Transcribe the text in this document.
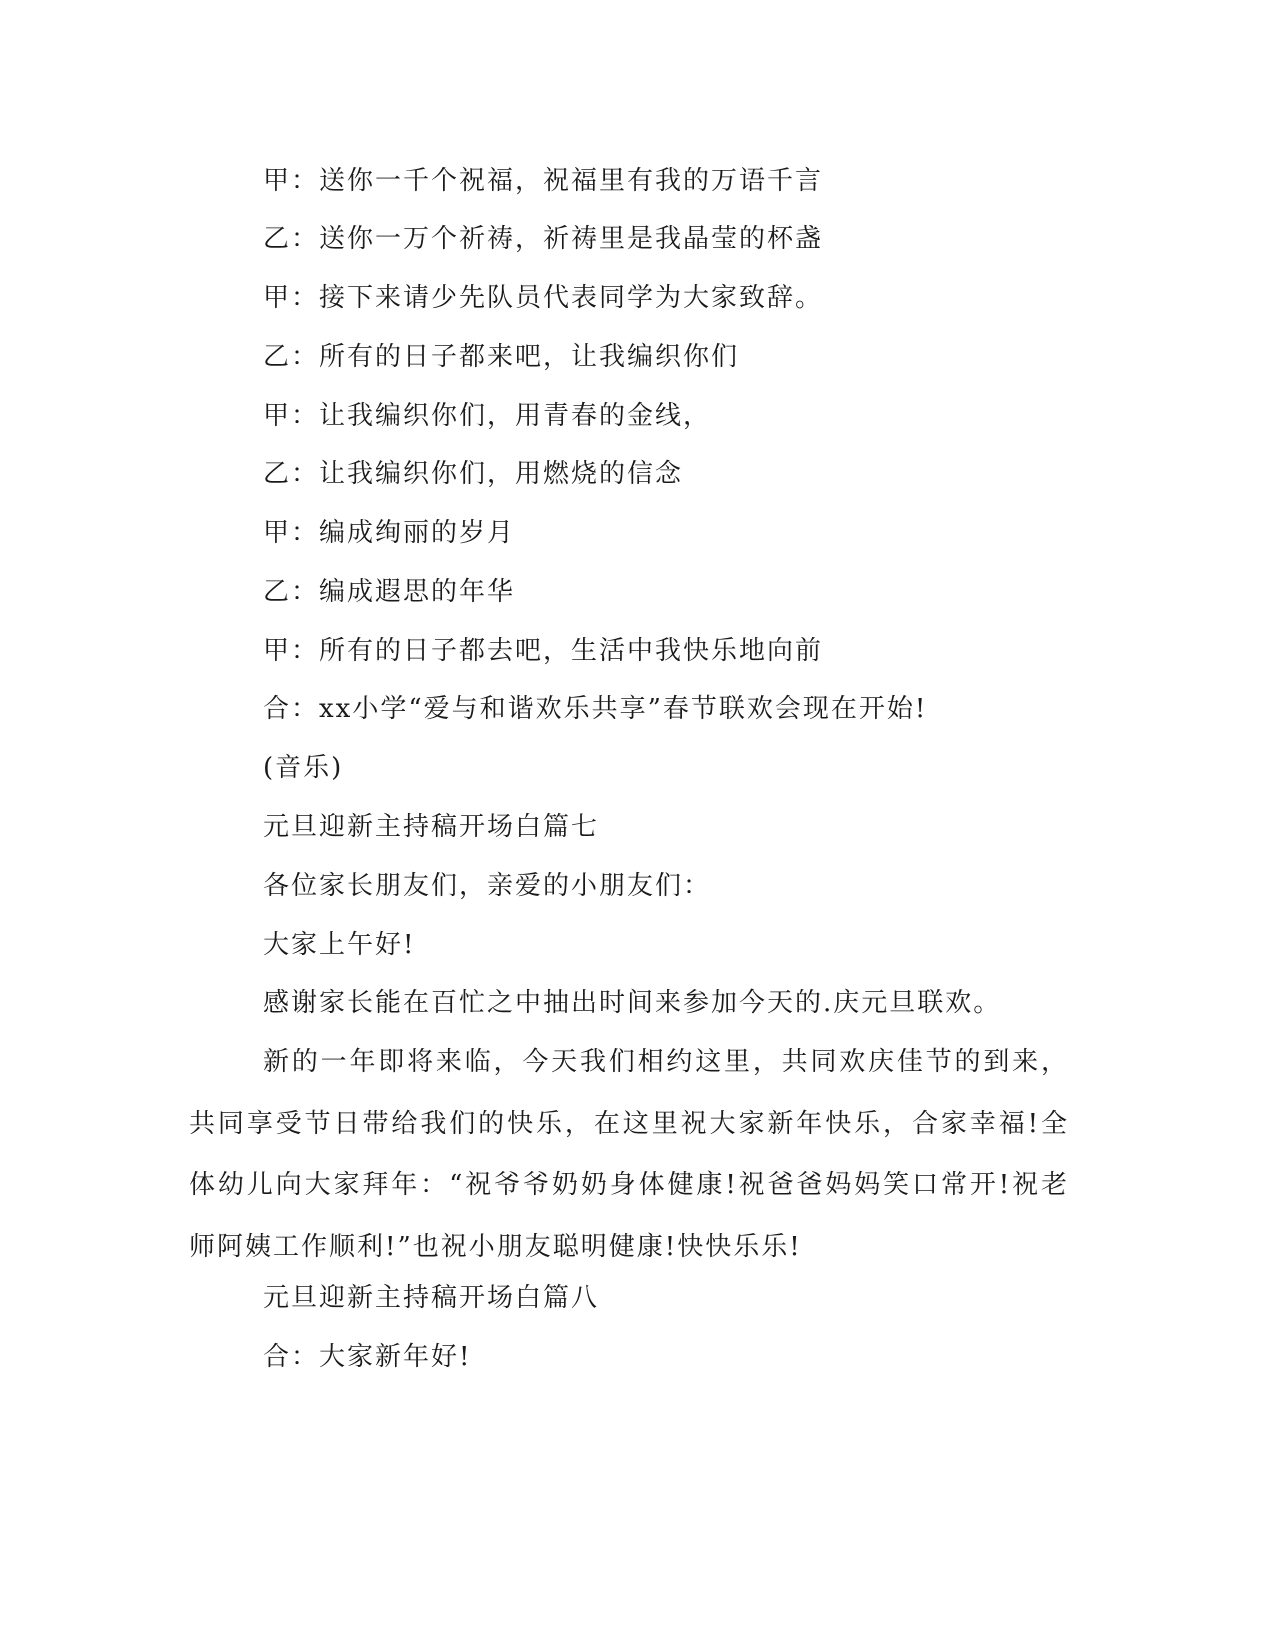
甲：送你一千个祝福，祝福里有我的万语千言

乙：送你一万个祈祷，祈祷里是我晶莹的杯盏

甲：接下来请少先队员代表同学为大家致辞。

乙：所有的日子都来吧，让我编织你们

甲：让我编织你们，用青春的金线，

乙：让我编织你们，用燃烧的信念

甲：编成绚丽的岁月

乙：编成遐思的年华

甲：所有的日子都去吧，生活中我快乐地向前

合：xx小学“爱与和谐欢乐共享”春节联欢会现在开始!

(音乐)

元旦迎新主持稿开场白篇七

各位家长朋友们，亲爱的小朋友们：

大家上午好!

感谢家长能在百忙之中抽出时间来参加今天的.庆元旦联欢。

新的一年即将来临，今天我们相约这里，共同欢庆佳节的到来，共同享受节日带给我们的快乐，在这里祝大家新年快乐，合家幸福!全体幼儿向大家拜年：“祝爷爷奶奶身体健康!祝爸爸妈妈笑口常开!祝老师阿姨工作顺利!”也祝小朋友聪明健康!快快乐乐!

元旦迎新主持稿开场白篇八

合：大家新年好!
